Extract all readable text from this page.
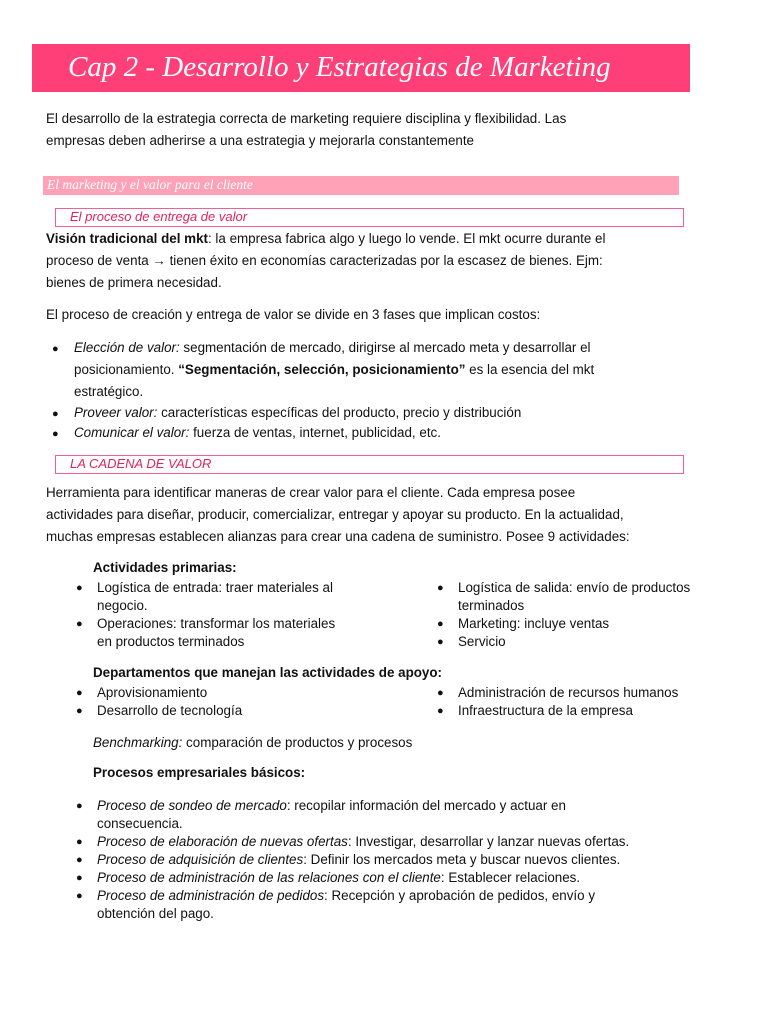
Cap 2 - Desarrollo y Estrategias de Marketing
El desarrollo de la estrategia correcta de marketing requiere disciplina y flexibilidad. Las
empresas deben adherirse a una estrategia y mejorarla constantemente
El marketing y el valor para el cliente
El proceso de entrega de valor
Visión tradicional del mkt: la empresa fabrica algo y luego lo vende. El mkt ocurre durante el
proceso de venta → tienen éxito en economías caracterizadas por la escasez de bienes. Ejm:
bienes de primera necesidad.
El proceso de creación y entrega de valor se divide en 3 fases que implican costos:
● Elección de valor: segmentación de mercado, dirigirse al mercado meta y desarrollar el
posicionamiento. “Segmentación, selección, posicionamiento” es la esencia del mkt
estratégico.
● Proveer valor: características específicas del producto, precio y distribución
● Comunicar el valor: fuerza de ventas, internet, publicidad, etc.
LA CADENA DE VALOR
Herramienta para identificar maneras de crear valor para el cliente. Cada empresa posee
actividades para diseñar, producir, comercializar, entregar y apoyar su producto. En la actualidad,
muchas empresas establecen alianzas para crear una cadena de suministro. Posee 9 actividades:
Actividades primarias:
● Logística de entrada: traer materiales al
negocio.
● Operaciones: transformar los materiales
en productos terminados
● Logística de salida: envío de productos
terminados
● Marketing: incluye ventas
● Servicio
Departamentos que manejan las actividades de apoyo:
● Aprovisionamiento
● Desarrollo de tecnología
● Administración de recursos humanos
● Infraestructura de la empresa
Benchmarking: comparación de productos y procesos
Procesos empresariales básicos:
● Proceso de sondeo de mercado: recopilar información del mercado y actuar en
consecuencia.
● Proceso de elaboración de nuevas ofertas: Investigar, desarrollar y lanzar nuevas ofertas.
● Proceso de adquisición de clientes: Definir los mercados meta y buscar nuevos clientes.
● Proceso de administración de las relaciones con el cliente: Establecer relaciones.
● Proceso de administración de pedidos: Recepción y aprobación de pedidos, envío y
obtención del pago.
